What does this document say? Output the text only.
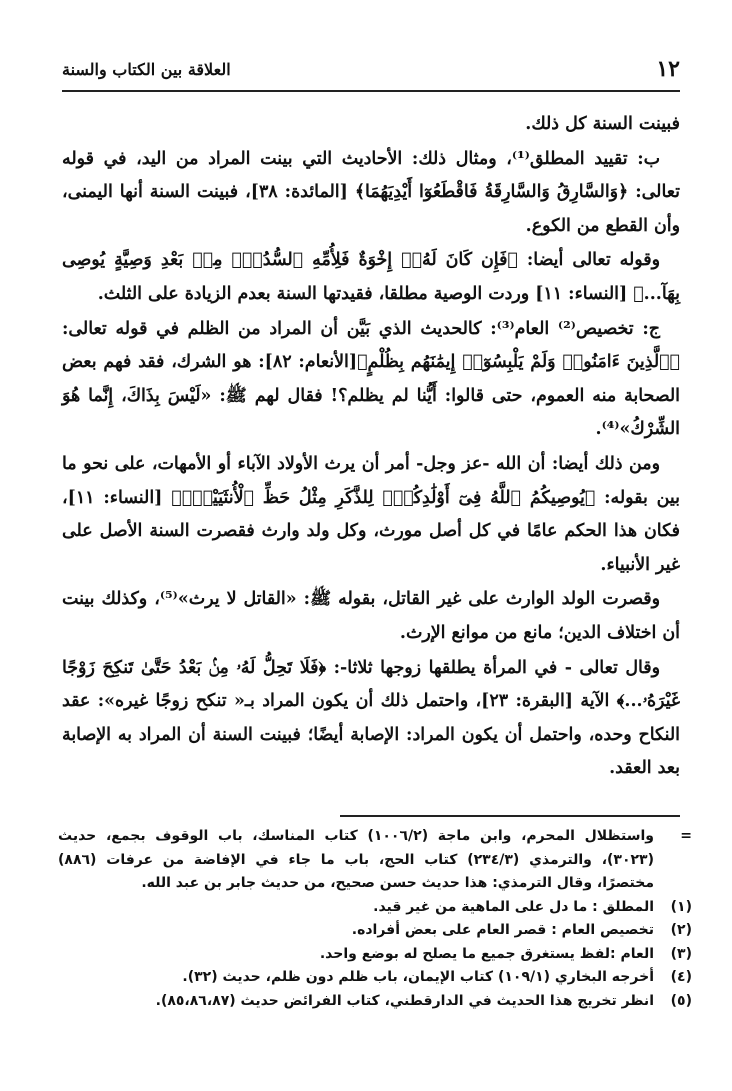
١٢
العلاقة بين الكتاب والسنة

فبينت السنة كل ذلك.

ب: تقييد المطلق⁽¹⁾، ومثال ذلك: الأحاديث التي بينت المراد من اليد، في قوله تعالى: ﴿وَالسَّارِقُ وَالسَّارِقَةُ فَاقْطَعُوٓا أَيْدِيَهُمَا﴾ [المائدة: ٣٨]، فبينت السنة أنها اليمنى، وأن القطع من الكوع.

وقوله تعالى أيضا: ﴿فَإِن كَانَ لَهُۥٓ إِخْوَةٌ فَلِأُمِّهِ ٱلسُّدُسُۚ مِنۢ بَعْدِ وَصِيَّةٍ يُوصِى بِهَآ...﴾ [النساء: ١١] وردت الوصية مطلقا، فقيدتها السنة بعدم الزيادة على الثلث.

ج: تخصيص⁽²⁾ العام⁽³⁾: كالحديث الذي بَيَّن أن المراد من الظلم في قوله تعالى: ﴿ٱلَّذِينَ ءَامَنُوا۟ وَلَمْ يَلْبِسُوٓا۟ إِيمَٰنَهُم بِظُلْمٍ﴾[الأنعام: ٨٢]: هو الشرك، فقد فهم بعض الصحابة منه العموم، حتى قالوا: أَيُّنا لم يظلم؟! فقال لهم ﷺ: «لَيْسَ بِذَاكَ، إِنَّما هُوَ الشِّرْكُ»⁽⁴⁾.

ومن ذلك أيضا: أن الله -عز وجل- أمر أن يرث الأولاد الآباء أو الأمهات، على نحو ما بين بقوله: ﴿يُوصِيكُمُ ٱللَّهُ فِىٓ أَوْلَٰدِكُمْۖ لِلذَّكَرِ مِثْلُ حَظِّ ٱلْأُنثَيَيْنِۚ﴾ [النساء: ١١]، فكان هذا الحكم عامًا في كل أصل مورث، وكل ولد وارث فقصرت السنة الأصل على غير الأنبياء.

وقصرت الولد الوارث على غير القاتل، بقوله ﷺ: «القاتل لا يرث»⁽⁵⁾، وكذلك بينت أن اختلاف الدين؛ مانع من موانع الإرث.

وقال تعالى - في المرأة يطلقها زوجها ثلاثا-: ﴿فَلَا تَحِلُّ لَهُۥ مِنۢ بَعْدُ حَتَّىٰ تَنكِحَ زَوْجًا غَيْرَهُۥ...﴾ الآية [البقرة: ٢٣]، واحتمل ذلك أن يكون المراد بـ« تنكح زوجًا غيره»: عقد النكاح وحده، واحتمل أن يكون المراد: الإصابة أيضًا؛ فبينت السنة أن المراد به الإصابة بعد العقد.

=
واستظلال المحرم، وابن ماجة (١٠٠٦/٢) كتاب المناسك، باب الوقوف بجمع، حديث (٣٠٢٣)، والترمذي (٢٣٤/٣) كتاب الحج، باب ما جاء في الإفاضة من عرفات (٨٨٦) مختصرًا، وقال الترمذي: هذا حديث حسن صحيح، من حديث جابر بن عبد الله.
(١)
المطلق : ما دل على الماهية من غير قيد.
(٢)
تخصيص العام : قصر العام على بعض أفراده.
(٣)
العام :لفظ يستغرق جميع ما يصلح له بوضع واحد.
(٤)
أخرجه البخاري (١٠٩/١) كتاب الإيمان، باب ظلم دون ظلم، حديث (٣٢).
(٥)
انظر تخريج هذا الحديث في الدارقطني، كتاب الفرائض حديث (٨٥،٨٦،٨٧).
